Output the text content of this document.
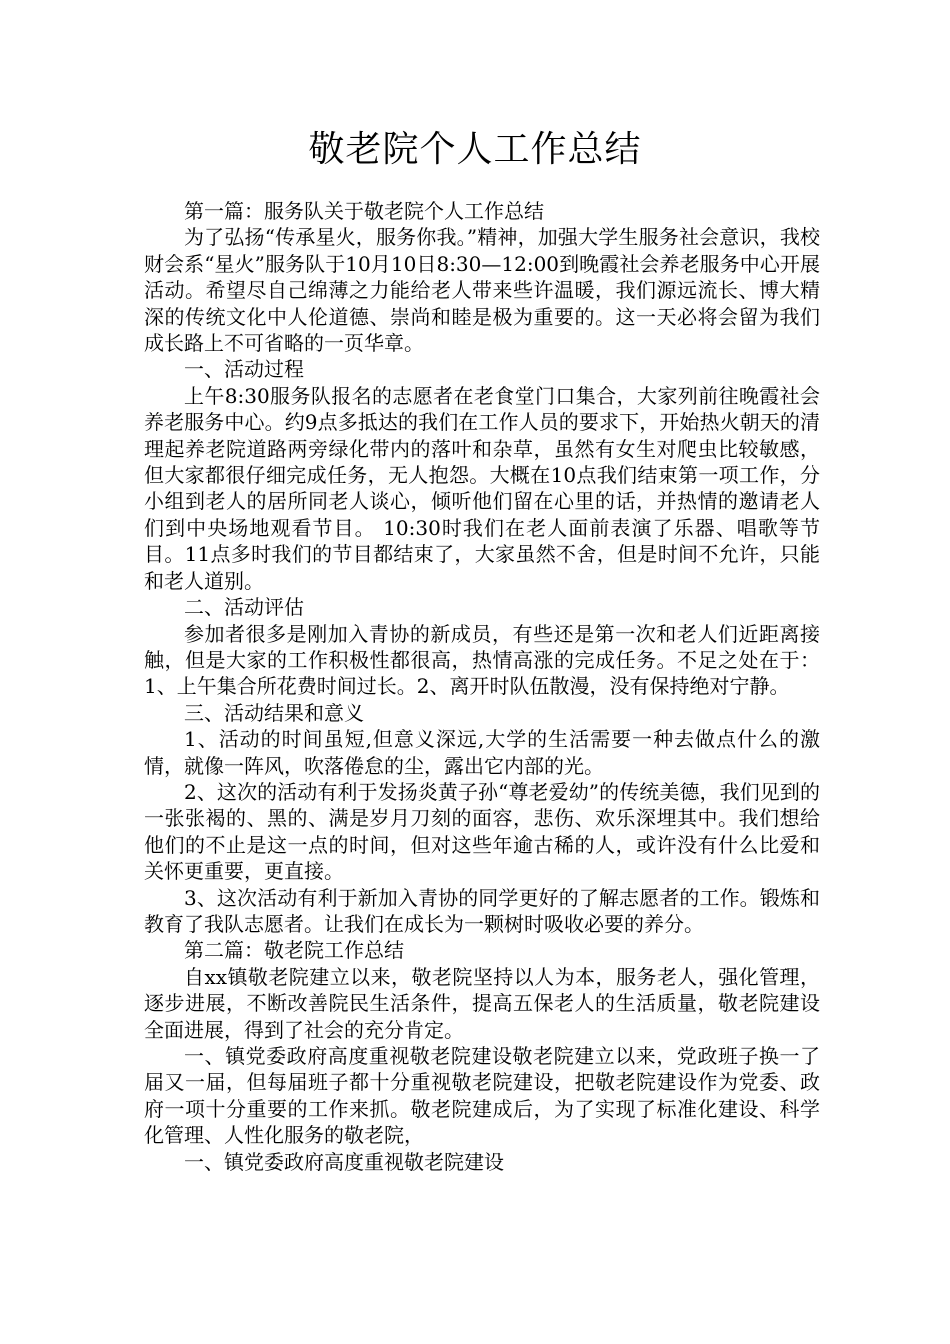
敬老院个人工作总结

第一篇：服务队关于敬老院个人工作总结

为了弘扬“传承星火，服务你我。”精神，加强大学生服务社会意识，我校财会系“星火”服务队于10月10日8:30—12:00到晚霞社会养老服务中心开展活动。希望尽自己绵薄之力能给老人带来些许温暖，我们源远流长、博大精深的传统文化中人伦道德、崇尚和睦是极为重要的。这一天必将会留为我们成长路上不可省略的一页华章。

一、活动过程

上午8:30服务队报名的志愿者在老食堂门口集合，大家列前往晚霞社会养老服务中心。约9点多抵达的我们在工作人员的要求下，开始热火朝天的清理起养老院道路两旁绿化带内的落叶和杂草，虽然有女生对爬虫比较敏感，但大家都很仔细完成任务，无人抱怨。大概在10点我们结束第一项工作，分小组到老人的居所同老人谈心，倾听他们留在心里的话，并热情的邀请老人们到中央场地观看节目。 10:30时我们在老人面前表演了乐器、唱歌等节目。11点多时我们的节目都结束了，大家虽然不舍，但是时间不允许，只能和老人道别。

二、活动评估

参加者很多是刚加入青协的新成员，有些还是第一次和老人们近距离接触，但是大家的工作积极性都很高，热情高涨的完成任务。不足之处在于：1、上午集合所花费时间过长。2、离开时队伍散漫，没有保持绝对宁静。

三、活动结果和意义

1、活动的时间虽短,但意义深远,大学的生活需要一种去做点什么的激情，就像一阵风，吹落倦怠的尘，露出它内部的光。

2、这次的活动有利于发扬炎黄子孙“尊老爱幼”的传统美德，我们见到的一张张褐的、黑的、满是岁月刀刻的面容，悲伤、欢乐深埋其中。我们想给他们的不止是这一点的时间，但对这些年逾古稀的人，或许没有什么比爱和关怀更重要，更直接。

3、这次活动有利于新加入青协的同学更好的了解志愿者的工作。锻炼和教育了我队志愿者。让我们在成长为一颗树时吸收必要的养分。

第二篇：敬老院工作总结

自xx镇敬老院建立以来，敬老院坚持以人为本，服务老人，强化管理，逐步进展，不断改善院民生活条件，提高五保老人的生活质量，敬老院建设全面进展，得到了社会的充分肯定。

一、镇党委政府高度重视敬老院建设敬老院建立以来，党政班子换一了届又一届，但每届班子都十分重视敬老院建设，把敬老院建设作为党委、政府一项十分重要的工作来抓。敬老院建成后，为了实现了标准化建设、科学化管理、人性化服务的敬老院，

一、镇党委政府高度重视敬老院建设
